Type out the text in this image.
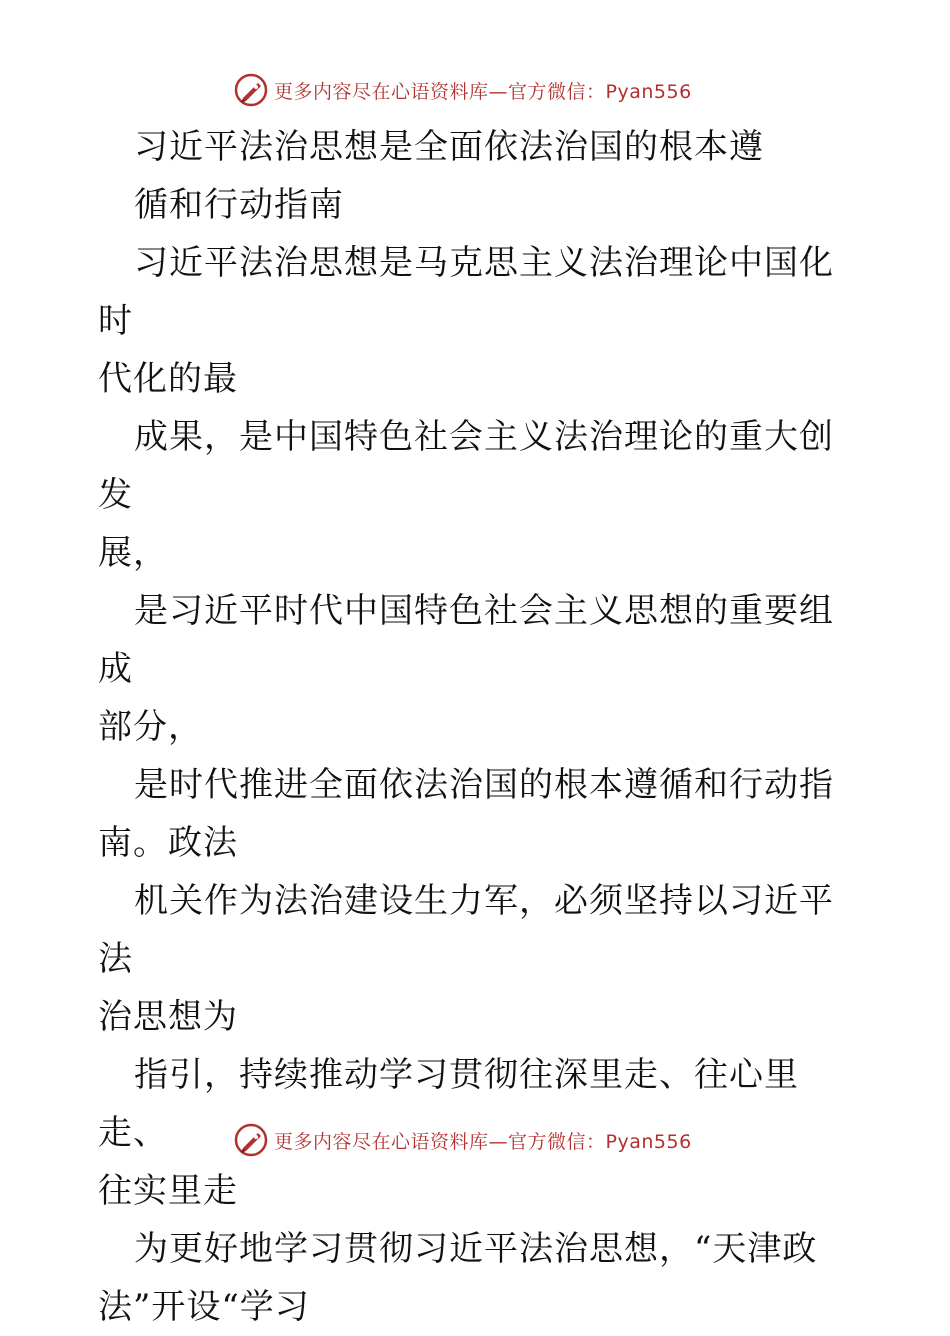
更多内容尽在心语资料库—官方微信：Pyan556

习近平法治思想是全面依法治国的根本遵

循和行动指南

习近平法治思想是马克思主义法治理论中国化时

代化的最

成果，是中国特色社会主义法治理论的重大创发

展，

是习近平时代中国特色社会主义思想的重要组成

部分，

是时代推进全面依法治国的根本遵循和行动指

南。政法

机关作为法治建设生力军，必须坚持以习近平法

治思想为

指引，持续推动学习贯彻往深里走、往心里走、

往实里走

为更好地学习贯彻习近平法治思想，“天津政

法”开设“学习

更多内容尽在心语资料库—官方微信：Pyan556
